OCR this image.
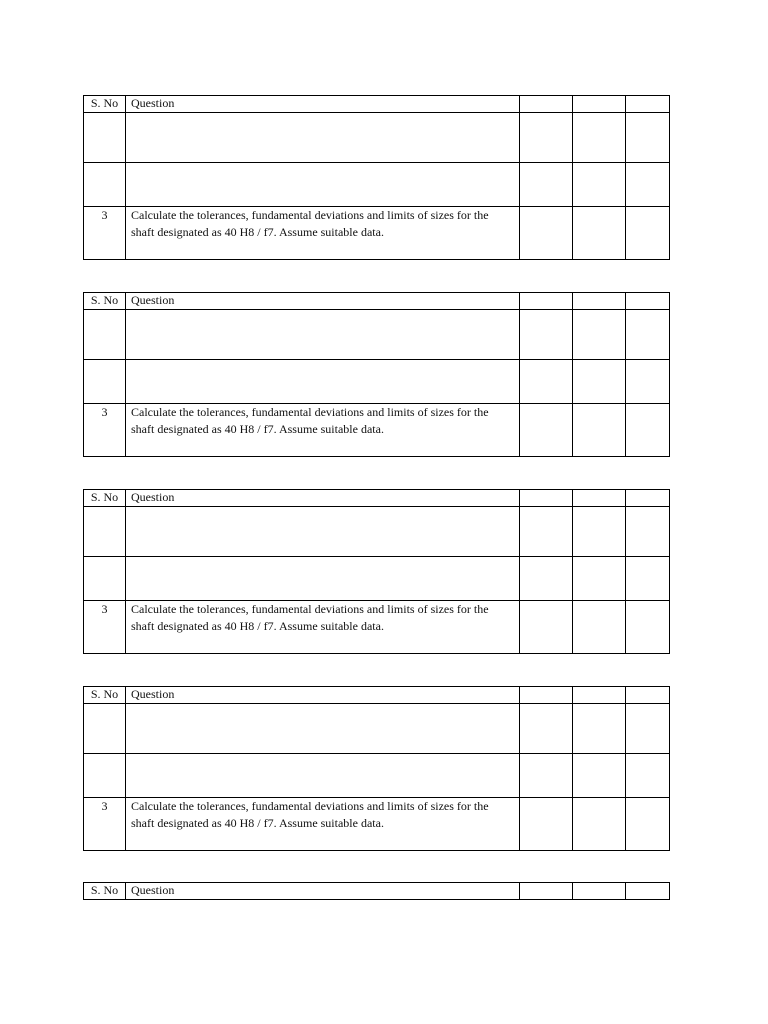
S. No	Question			

3	Calculate the tolerances, fundamental deviations and limits of sizes for the shaft designated as 40 H8 / f7. Assume suitable data.			
S. No	Question			

3	Calculate the tolerances, fundamental deviations and limits of sizes for the shaft designated as 40 H8 / f7. Assume suitable data.			
S. No	Question			

3	Calculate the tolerances, fundamental deviations and limits of sizes for the shaft designated as 40 H8 / f7. Assume suitable data.			
S. No	Question			

3	Calculate the tolerances, fundamental deviations and limits of sizes for the shaft designated as 40 H8 / f7. Assume suitable data.			
S. No	Question			
